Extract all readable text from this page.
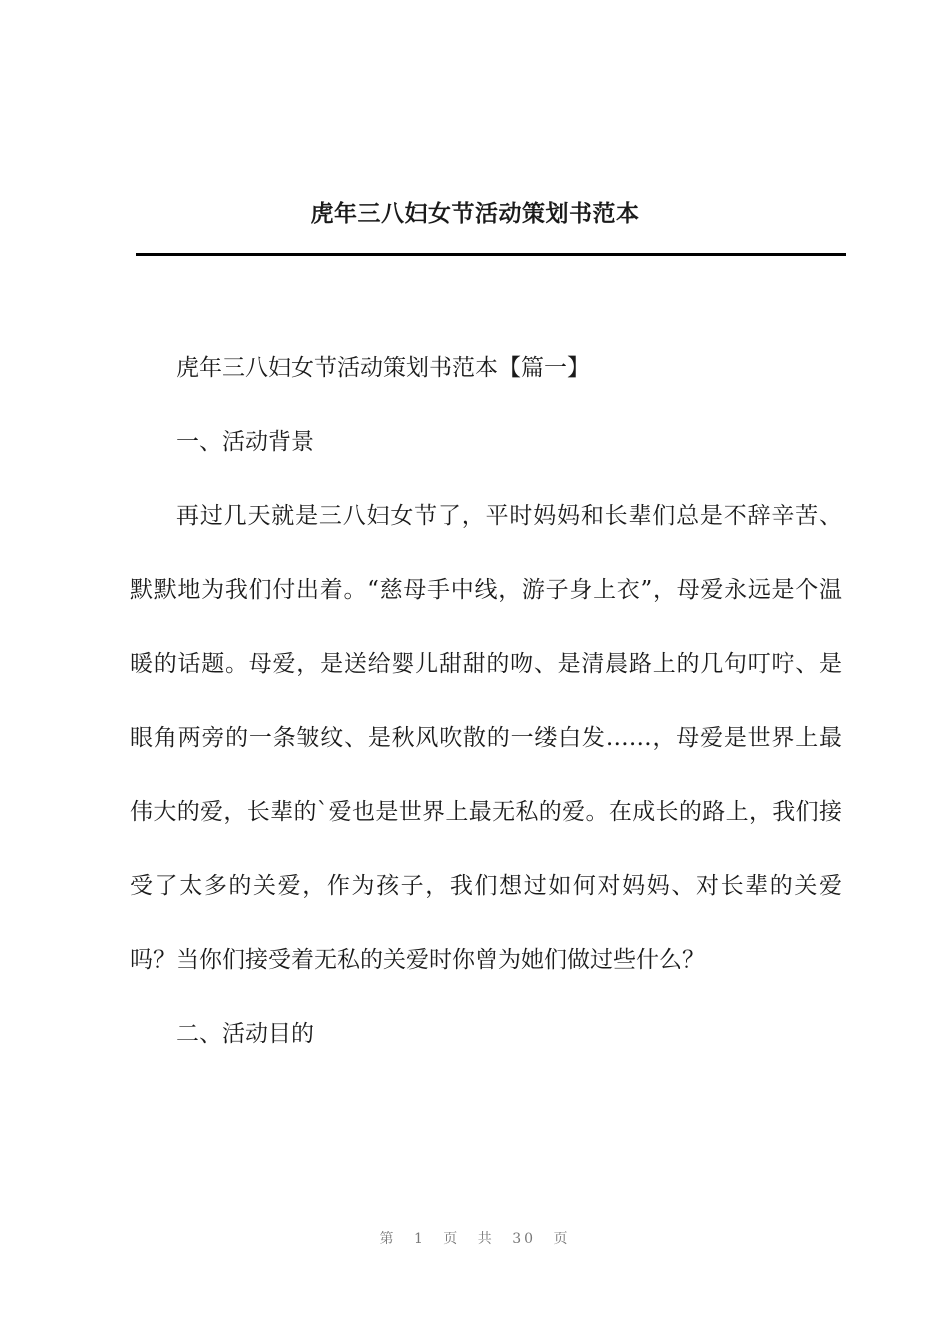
虎年三八妇女节活动策划书范本

虎年三八妇女节活动策划书范本【篇一】

一、活动背景

再过几天就是三八妇女节了，平时妈妈和长辈们总是不辞辛苦、默默地为我们付出着。“慈母手中线，游子身上衣”，母爱永远是个温暖的话题。母爱，是送给婴儿甜甜的吻、是清晨路上的几句叮咛、是眼角两旁的一条皱纹、是秋风吹散的一缕白发……，母爱是世界上最伟大的爱，长辈的`爱也是世界上最无私的爱。在成长的路上，我们接受了太多的关爱，作为孩子，我们想过如何对妈妈、对长辈的关爱吗？当你们接受着无私的关爱时你曾为她们做过些什么？

二、活动目的

第 1 页 共 30 页
